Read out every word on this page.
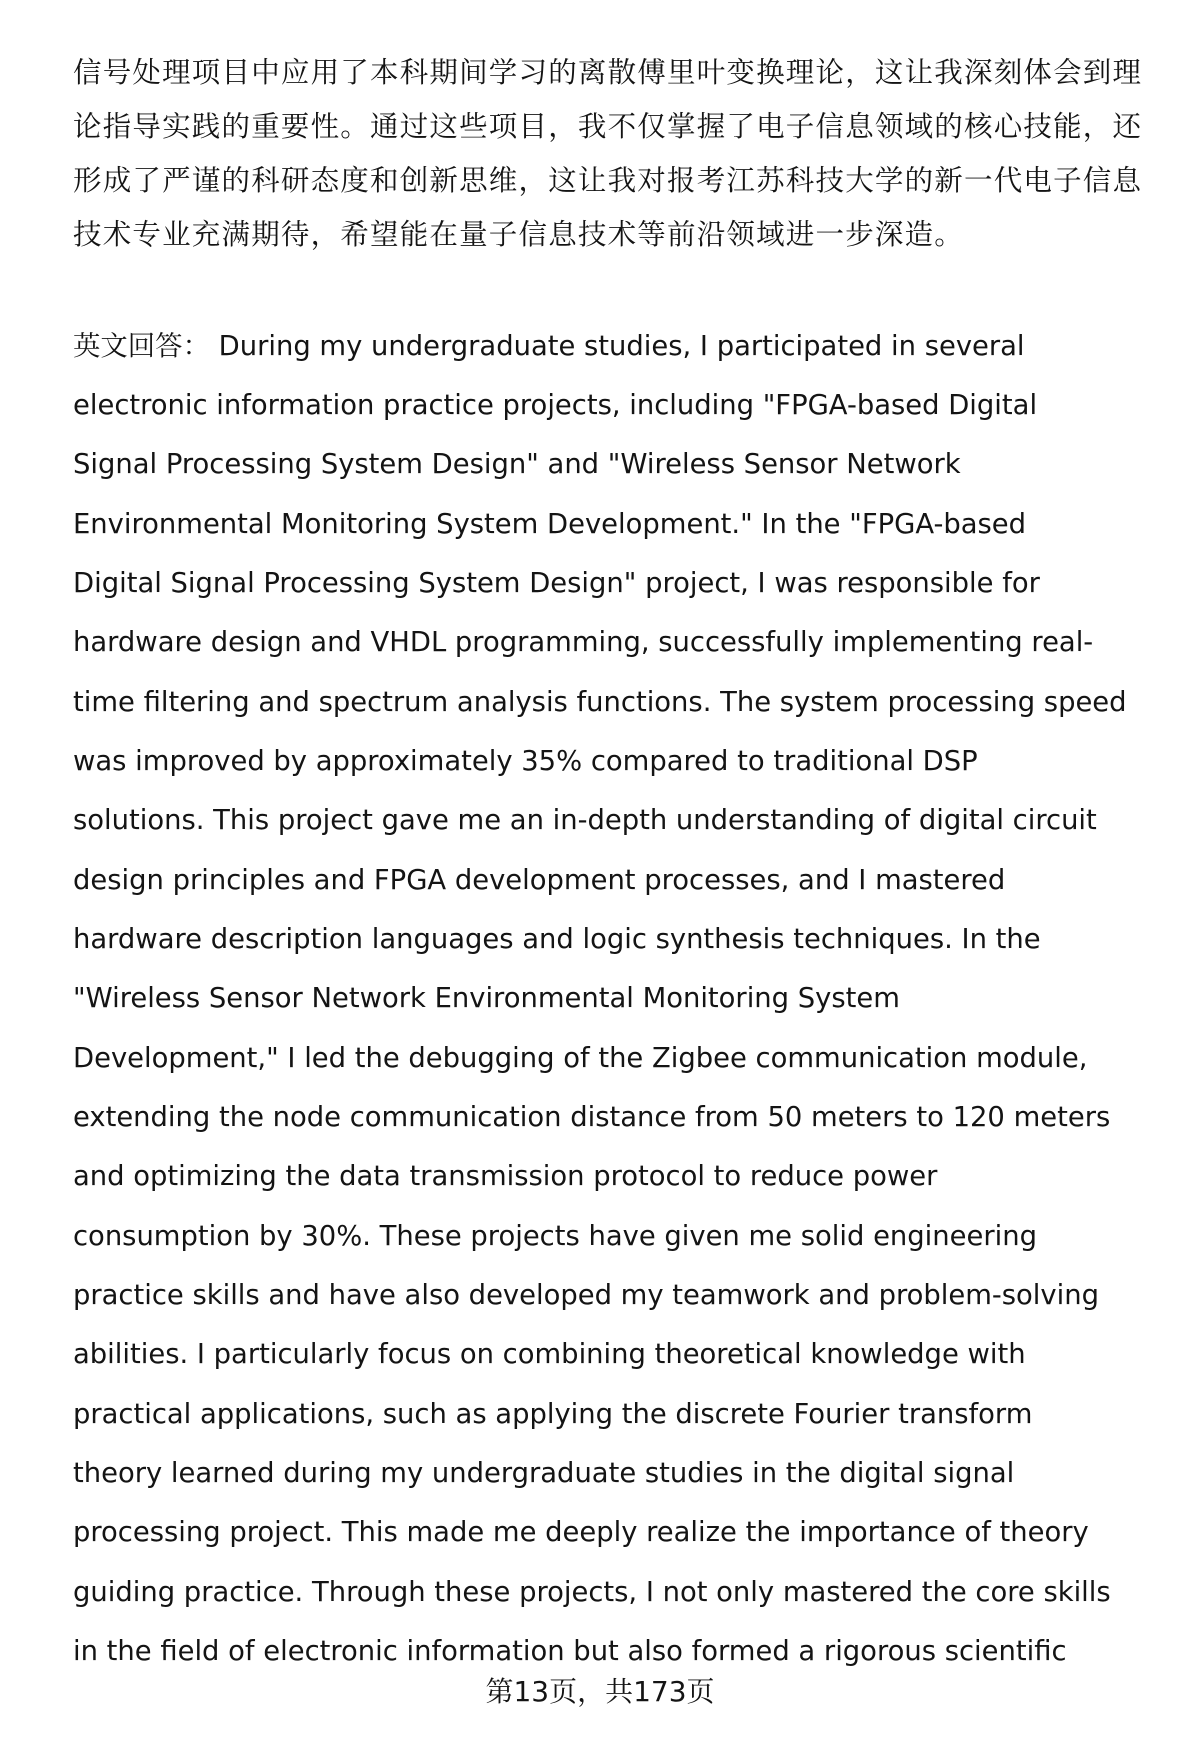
信号处理项目中应用了本科期间学习的离散傅里叶变换理论，这让我深刻体会到理
论指导实践的重要性。通过这些项目，我不仅掌握了电子信息领域的核心技能，还
形成了严谨的科研态度和创新思维，这让我对报考江苏科技大学的新一代电子信息
技术专业充满期待，希望能在量子信息技术等前沿领域进一步深造。
英文回答： During my undergraduate studies, I participated in several
electronic information practice projects, including "FPGA-based Digital
Signal Processing System Design" and "Wireless Sensor Network
Environmental Monitoring System Development." In the "FPGA-based
Digital Signal Processing System Design" project, I was responsible for
hardware design and VHDL programming, successfully implementing real-
time filtering and spectrum analysis functions. The system processing speed
was improved by approximately 35% compared to traditional DSP
solutions. This project gave me an in-depth understanding of digital circuit
design principles and FPGA development processes, and I mastered
hardware description languages and logic synthesis techniques. In the
"Wireless Sensor Network Environmental Monitoring System
Development," I led the debugging of the Zigbee communication module,
extending the node communication distance from 50 meters to 120 meters
and optimizing the data transmission protocol to reduce power
consumption by 30%. These projects have given me solid engineering
practice skills and have also developed my teamwork and problem-solving
abilities. I particularly focus on combining theoretical knowledge with
practical applications, such as applying the discrete Fourier transform
theory learned during my undergraduate studies in the digital signal
processing project. This made me deeply realize the importance of theory
guiding practice. Through these projects, I not only mastered the core skills
in the field of electronic information but also formed a rigorous scientific
第13页，共173页
